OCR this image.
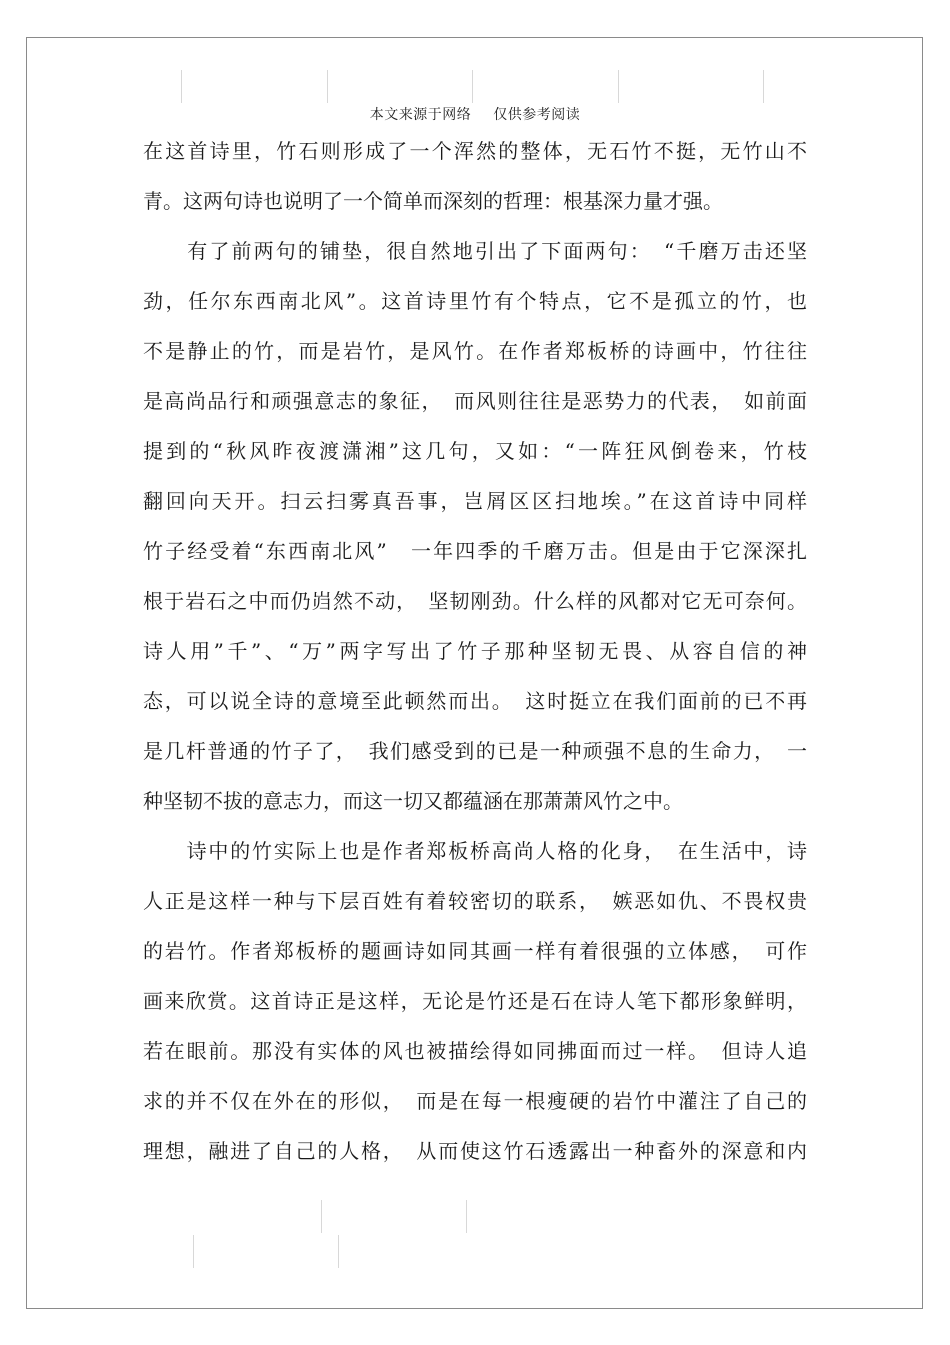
本文来源于网络 仅供参考阅读
在这首诗里，竹石则形成了一个浑然的整体，无石竹不挺，无竹山不
青。这两句诗也说明了一个简单而深刻的哲理：根基深力量才强。
　　有了前两句的铺垫，很自然地引出了下面两句：　“千磨万击还坚
劲，任尔东西南北风”。这首诗里竹有个特点，它不是孤立的竹，也
不是静止的竹，而是岩竹，是风竹。在作者郑板桥的诗画中，竹往往
是高尚品行和顽强意志的象征，　而风则往往是恶势力的代表，　如前面
提到的“秋风昨夜渡潇湘”这几句，又如：“一阵狂风倒卷来，竹枝
翻回向天开。扫云扫雾真吾事，岂屑区区扫地埃。”在这首诗中同样
竹子经受着“东西南北风”　一年四季的千磨万击。但是由于它深深扎
根于岩石之中而仍岿然不动，　坚韧刚劲。什么样的风都对它无可奈何。
诗人用”千”、“万”两字写出了竹子那种坚韧无畏、从容自信的神
态，可以说全诗的意境至此顿然而出。　这时挺立在我们面前的已不再
是几杆普通的竹子了，　我们感受到的已是一种顽强不息的生命力，　一
种坚韧不拔的意志力，而这一切又都蕴涵在那萧萧风竹之中。
　　诗中的竹实际上也是作者郑板桥高尚人格的化身，　在生活中，诗
人正是这样一种与下层百姓有着较密切的联系，　嫉恶如仇、不畏权贵
的岩竹。作者郑板桥的题画诗如同其画一样有着很强的立体感，　可作
画来欣赏。这首诗正是这样，无论是竹还是石在诗人笔下都形象鲜明，
若在眼前。那没有实体的风也被描绘得如同拂面而过一样。　但诗人追
求的并不仅在外在的形似，　而是在每一根瘦硬的岩竹中灌注了自己的
理想，融进了自己的人格，　从而使这竹石透露出一种畜外的深意和内
